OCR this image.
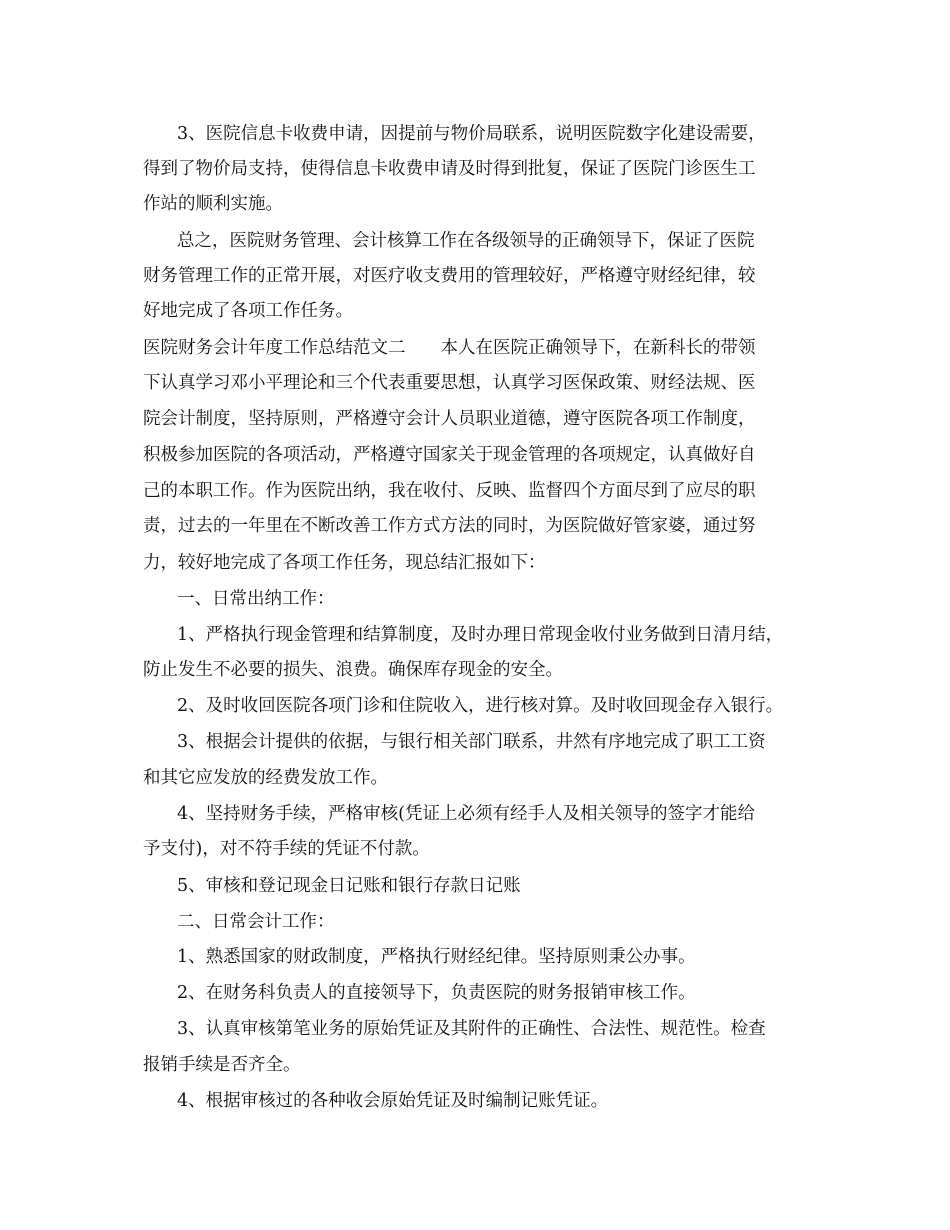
3、医院信息卡收费申请，因提前与物价局联系，说明医院数字化建设需要，
得到了物价局支持，使得信息卡收费申请及时得到批复，保证了医院门诊医生工
作站的顺利实施。
总之，医院财务管理、会计核算工作在各级领导的正确领导下，保证了医院
财务管理工作的正常开展，对医疗收支费用的管理较好，严格遵守财经纪律，较
好地完成了各项工作任务。
医院财务会计年度工作总结范文二　　本人在医院正确领导下，在新科长的带领
下认真学习邓小平理论和三个代表重要思想，认真学习医保政策、财经法规、医
院会计制度，坚持原则，严格遵守会计人员职业道德，遵守医院各项工作制度，
积极参加医院的各项活动，严格遵守国家关于现金管理的各项规定，认真做好自
己的本职工作。作为医院出纳，我在收付、反映、监督四个方面尽到了应尽的职
责，过去的一年里在不断改善工作方式方法的同时，为医院做好管家婆，通过努
力，较好地完成了各项工作任务，现总结汇报如下：
一、日常出纳工作：
1、严格执行现金管理和结算制度，及时办理日常现金收付业务做到日清月结，
防止发生不必要的损失、浪费。确保库存现金的安全。
2、及时收回医院各项门诊和住院收入，进行核对算。及时收回现金存入银行。
3、根据会计提供的依据，与银行相关部门联系，井然有序地完成了职工工资
和其它应发放的经费发放工作。
4、坚持财务手续，严格审核(凭证上必须有经手人及相关领导的签字才能给
予支付)，对不符手续的凭证不付款。
5、审核和登记现金日记账和银行存款日记账
二、日常会计工作：
1、熟悉国家的财政制度，严格执行财经纪律。坚持原则秉公办事。
2、在财务科负责人的直接领导下，负责医院的财务报销审核工作。
3、认真审核第笔业务的原始凭证及其附件的正确性、合法性、规范性。检查
报销手续是否齐全。
4、根据审核过的各种收会原始凭证及时编制记账凭证。
